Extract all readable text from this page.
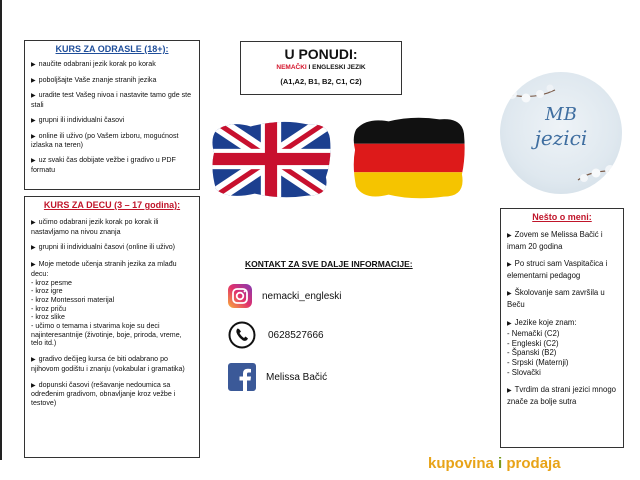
KURS ZA ODRASLE (18+):
▶ naučite odabrani jezik korak po korak
▶ poboljšajte Vaše znanje stranih jezika
▶ uradite test Vašeg nivoa i nastavite tamo gde ste stali
▶ grupni ili individualni časovi
▶ online ili uživo (po Vašem izboru, mogućnost izlaska na teren)
▶ uz svaki čas dobijate vežbe i gradivo u PDF formatu
KURS ZA DECU (3 – 17 godina):
▶ učimo odabrani jezik korak po korak ili nastavljamo na nivou znanja
▶ grupni ili individualni časovi (online ili uživo)
▶ Moje metode učenja stranih jezika za mlađu decu:
- kroz pesme
- kroz igre
- kroz Montessori materijal
- kroz priču
- kroz slike
- učimo o temama i stvarima koje su deci najinteresantnije (životinje, boje, priroda, vreme, telo itd.)
▶ gradivo dečijeg kursa će biti odabrano po njihovom godištu i znanju (vokabular i gramatika)
▶ dopunski časovi (rešavanje nedoumica sa određenim gradivom, obnavljanje kroz vežbe i testove)
U PONUDI:
NEMAČKI I ENGLESKI JEZIK
(A1,A2, B1, B2, C1, C2)
KONTAKT ZA SVE DALJE INFORMACIJE:
nemacki_engleski
0628527666
Melissa Bačić
MB
jezici
Nešto o meni:
▶ Zovem se Melissa Bačić i imam 20 godina
▶ Po struci sam Vaspitačica i elementarni pedagog
▶ Školovanje sam završila u Beču
▶ Jezike koje znam:
- Nemački (C2)
- Engleski (C2)
- Španski (B2)
- Srpski (Maternji)
- Slovački
▶ Tvrdim da strani jezici mnogo znače za bolje sutra
kupovina i prodaja
